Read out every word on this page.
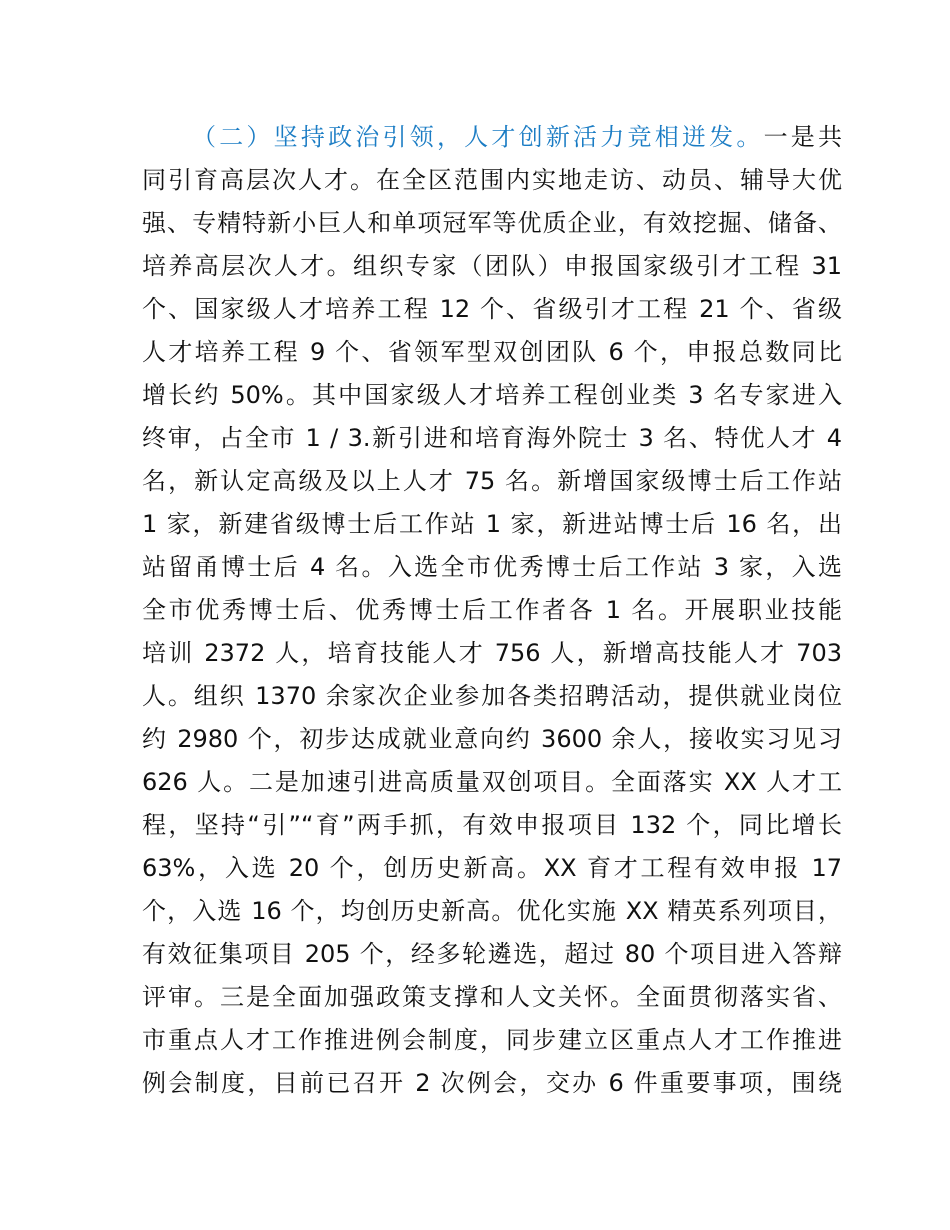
（二）坚持政治引领，人才创新活力竞相迸发。一是共
同引育高层次人才。在全区范围内实地走访、动员、辅导大优
强、专精特新小巨人和单项冠军等优质企业，有效挖掘、储备、
培养高层次人才。组织专家（团队）申报国家级引才工程 31
个、国家级人才培养工程 12 个、省级引才工程 21 个、省级
人才培养工程 9 个、省领军型双创团队 6 个，申报总数同比
增长约 50%。其中国家级人才培养工程创业类 3 名专家进入
终审，占全市 1 / 3.新引进和培育海外院士 3 名、特优人才 4
名，新认定高级及以上人才 75 名。新增国家级博士后工作站
1 家，新建省级博士后工作站 1 家，新进站博士后 16 名，出
站留甬博士后 4 名。入选全市优秀博士后工作站 3 家，入选
全市优秀博士后、优秀博士后工作者各 1 名。开展职业技能
培训 2372 人，培育技能人才 756 人，新增高技能人才 703
人。组织 1370 余家次企业参加各类招聘活动，提供就业岗位
约 2980 个，初步达成就业意向约 3600 余人，接收实习见习
626 人。二是加速引进高质量双创项目。全面落实 XX 人才工
程，坚持“引”“育”两手抓，有效申报项目 132 个，同比增长
63%，入选 20 个，创历史新高。XX 育才工程有效申报 17
个，入选 16 个，均创历史新高。优化实施 XX 精英系列项目，
有效征集项目 205 个，经多轮遴选，超过 80 个项目进入答辩
评审。三是全面加强政策支撑和人文关怀。全面贯彻落实省、
市重点人才工作推进例会制度，同步建立区重点人才工作推进
例会制度，目前已召开 2 次例会，交办 6 件重要事项，围绕
